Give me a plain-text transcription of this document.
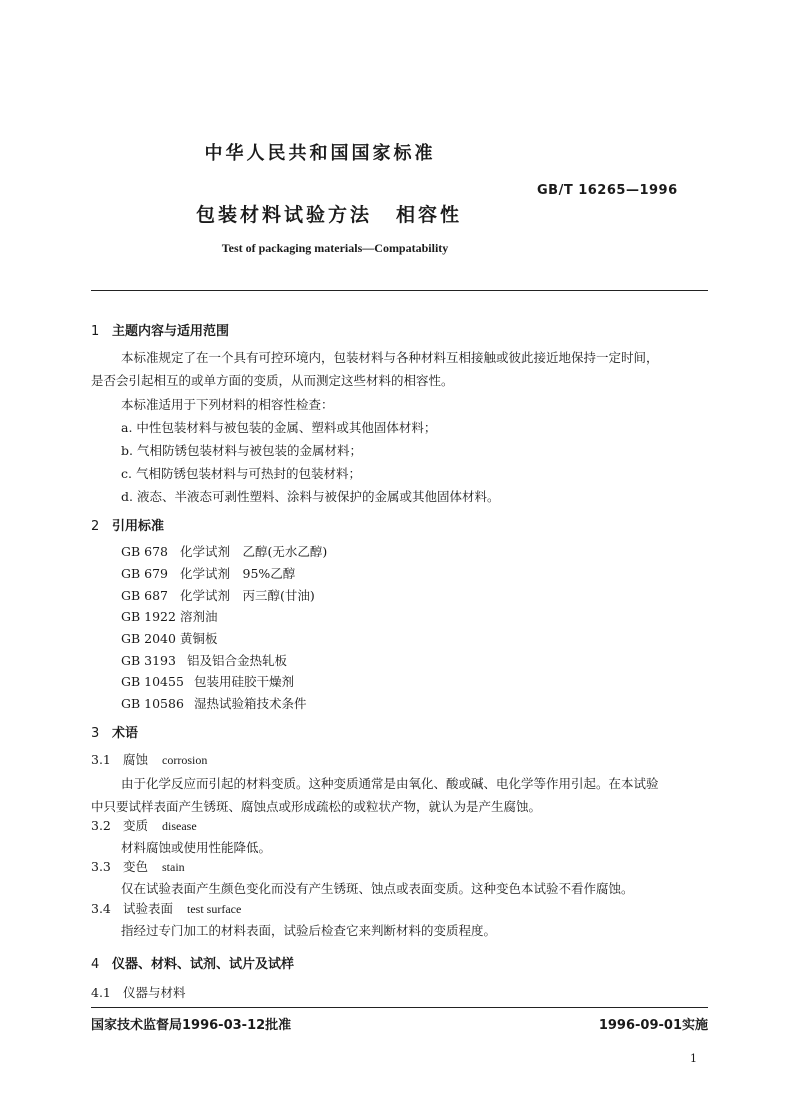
中华人民共和国国家标准
GB/T 16265—1996
包装材料试验方法 相容性
Test of packaging materials—Compatability
1 主题内容与适用范围
本标准规定了在一个具有可控环境内，包装材料与各种材料互相接触或彼此接近地保持一定时间，
是否会引起相互的或单方面的变质，从而测定这些材料的相容性。
本标准适用于下列材料的相容性检查：
a. 中性包装材料与被包装的金属、塑料或其他固体材料；
b. 气相防锈包装材料与被包装的金属材料；
c. 气相防锈包装材料与可热封的包装材料；
d. 液态、半液态可剥性塑料、涂料与被保护的金属或其他固体材料。
2 引用标准
GB 678 化学试剂　乙醇(无水乙醇)
GB 679 化学试剂　95%乙醇
GB 687 化学试剂　丙三醇(甘油)
GB 1922 溶剂油
GB 2040 黄铜板
GB 3193 铝及铝合金热轧板
GB 10455 包装用硅胶干燥剂
GB 10586 湿热试验箱技术条件
3 术语
3.1 腐蚀 corrosion
由于化学反应而引起的材料变质。这种变质通常是由氧化、酸或碱、电化学等作用引起。在本试验
中只要试样表面产生锈斑、腐蚀点或形成疏松的或粒状产物，就认为是产生腐蚀。
3.2 变质 disease
材料腐蚀或使用性能降低。
3.3 变色 stain
仅在试验表面产生颜色变化而没有产生锈斑、蚀点或表面变质。这种变色本试验不看作腐蚀。
3.4 试验表面 test surface
指经过专门加工的材料表面，试验后检查它来判断材料的变质程度。
4 仪器、材料、试剂、试片及试样
4.1 仪器与材料
国家技术监督局1996-03-12批准	1996-09-01实施
1
